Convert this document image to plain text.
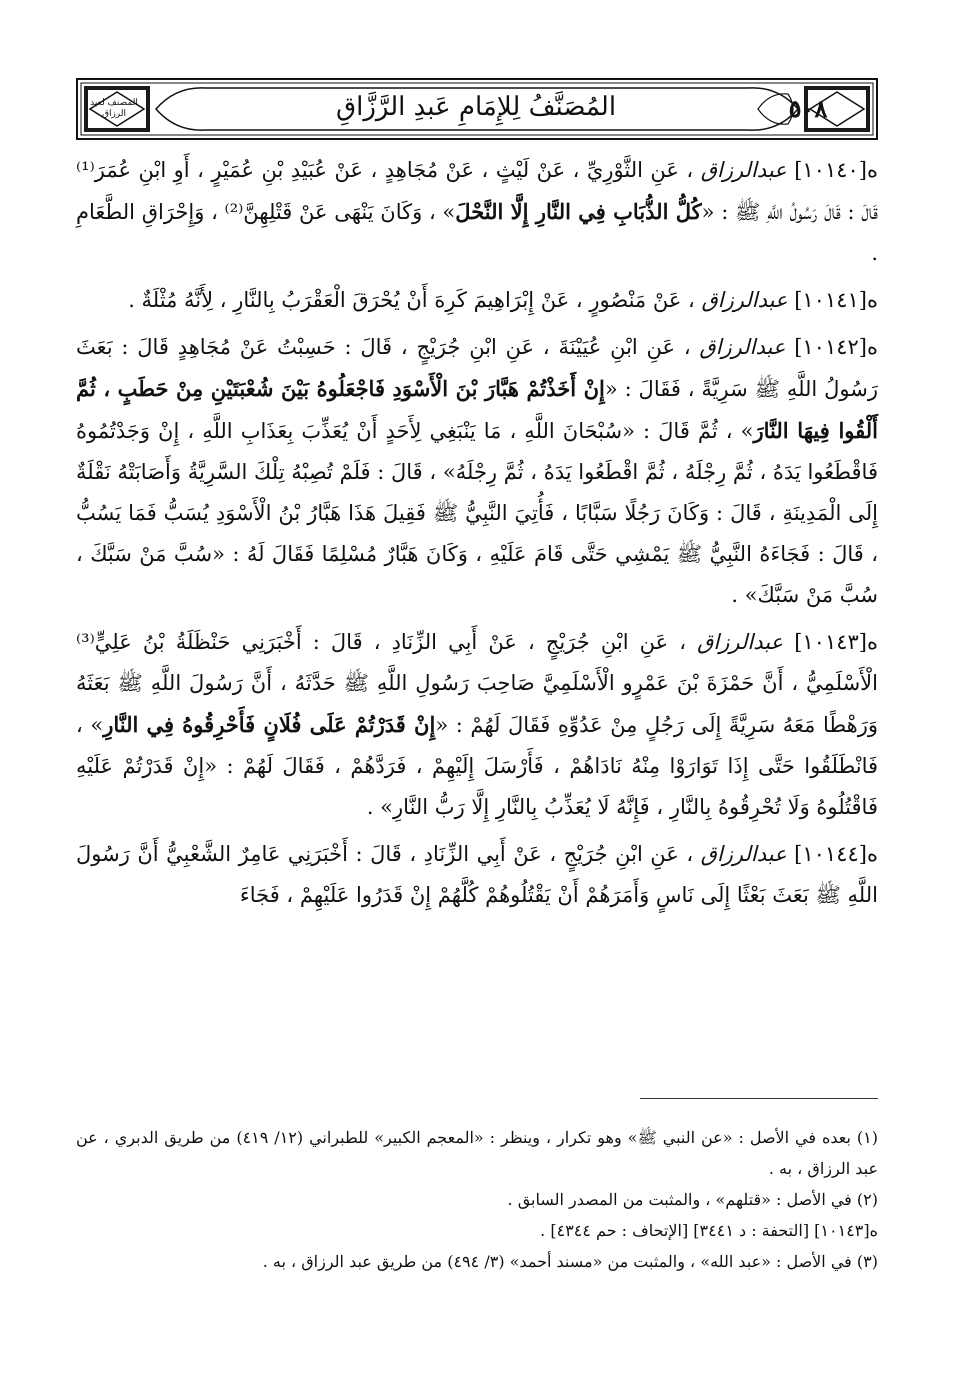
المصنف لعبد الرزاق	المُصَنَّفُ لِلإِمَامِ عَبدِ الرَّزَّاقِ	٥٠٨

ه[١٠١٤٠] عبدالرزاق ، عَنِ الثَّوْرِيِّ ، عَنْ لَيْثٍ ، عَنْ مُجَاهِدٍ ، عَنْ عُبَيْدِ بْنِ عُمَيْرٍ ، أَوِ ابْنِ عُمَرَ⁽¹⁾ قَالَ : قَالَ رَسُولُ اللَّهِ ﷺ : «كُلُّ الذُّبَابِ فِي النَّارِ إِلَّا النَّحْلَ» ، وَكَانَ يَنْهَى عَنْ قَتْلِهِنَّ⁽²⁾ ، وَإِحْرَاقِ الطَّعَامِ .

ه[١٠١٤١] عبدالرزاق ، عَنْ مَنْصُورٍ ، عَنْ إِبْرَاهِيمَ كَرِهَ أَنْ يُحْرَقَ الْعَقْرَبُ بِالنَّارِ ، لِأَنَّهُ مُثْلَةٌ .

ه[١٠١٤٢] عبدالرزاق ، عَنِ ابْنِ عُيَيْنَةَ ، عَنِ ابْنِ جُرَيْجٍ ، قَالَ : حَسِبْتُ عَنْ مُجَاهِدٍ قَالَ : بَعَثَ رَسُولُ اللَّهِ ﷺ سَرِيَّةً ، فَقَالَ : «إِنْ أَخَذْتُمْ هَبَّارَ بْنَ الْأَسْوَدِ فَاجْعَلُوهُ بَيْنَ شُعْبَتَيْنِ مِنْ حَطَبٍ ، ثُمَّ أَلْقُوا فِيهَا النَّارَ» ، ثُمَّ قَالَ : «سُبْحَانَ اللَّهِ ، مَا يَنْبَغِي لِأَحَدٍ أَنْ يُعَذِّبَ بِعَذَابِ اللَّهِ ، إِنْ وَجَدْتُمُوهُ فَاقْطَعُوا يَدَهُ ، ثُمَّ رِجْلَهُ ، ثُمَّ اقْطَعُوا يَدَهُ ، ثُمَّ رِجْلَهُ» ، قَالَ : فَلَمْ تُصِبْهُ تِلْكَ السَّرِيَّةُ وَأَصَابَتْهُ نَقْلَةٌ إِلَى الْمَدِينَةِ ، قَالَ : وَكَانَ رَجُلًا سَبَّابًا ، فَأُتِيَ النَّبِيُّ ﷺ فَقِيلَ هَذَا هَبَّارُ بْنُ الْأَسْوَدِ يُسَبُّ فَمَا يَسُبُّ ، قَالَ : فَجَاءَهُ النَّبِيُّ ﷺ يَمْشِي حَتَّى قَامَ عَلَيْهِ ، وَكَانَ هَبَّارٌ مُسْلِمًا فَقَالَ لَهُ : «سُبَّ مَنْ سَبَّكَ ، سُبَّ مَنْ سَبَّكَ» .

ه[١٠١٤٣] عبدالرزاق ، عَنِ ابْنِ جُرَيْجٍ ، عَنْ أَبِي الزِّنَادِ ، قَالَ : أَخْبَرَنِي حَنْظَلَةُ بْنُ عَلِيٍّ⁽³⁾ الْأَسْلَمِيُّ ، أَنَّ حَمْزَةَ بْنَ عَمْرٍو الْأَسْلَمِيَّ صَاحِبَ رَسُولِ اللَّهِ ﷺ حَدَّثَهُ ، أَنَّ رَسُولَ اللَّهِ ﷺ بَعَثَهُ وَرَهْطًا مَعَهُ سَرِيَّةً إِلَى رَجُلٍ مِنْ عَدُوِّهِ فَقَالَ لَهُمْ : «إِنْ قَدَرْتُمْ عَلَى فُلَانٍ فَأَحْرِقُوهُ فِي النَّارِ» ، فَانْطَلَقُوا حَتَّى إِذَا تَوَارَوْا مِنْهُ نَادَاهُمْ ، فَأَرْسَلَ إِلَيْهِمْ ، فَرَدَّهُمْ ، فَقَالَ لَهُمْ : «إِنْ قَدَرْتُمْ عَلَيْهِ فَاقْتُلُوهُ وَلَا تُحْرِقُوهُ بِالنَّارِ ، فَإِنَّهُ لَا يُعَذِّبُ بِالنَّارِ إِلَّا رَبُّ النَّارِ» .

ه[١٠١٤٤] عبدالرزاق ، عَنِ ابْنِ جُرَيْجٍ ، عَنْ أَبِي الزِّنَادِ ، قَالَ : أَخْبَرَنِي عَامِرٌ الشَّعْبِيُّ أَنَّ رَسُولَ اللَّهِ ﷺ بَعَثَ بَعْثًا إِلَى نَاسٍ وَأَمَرَهُمْ أَنْ يَقْتُلُوهُمْ كُلَّهُمْ إِنْ قَدَرُوا عَلَيْهِمْ ، فَجَاءَ

(١) بعده في الأصل : «عن النبي ﷺ» وهو تكرار ، وينظر : «المعجم الكبير» للطبراني (١٢/ ٤١٩) من طريق الدبري ، عن عبد الرزاق ، به .

(٢) في الأصل : «قتلهم» ، والمثبت من المصدر السابق .

ه[١٠١٤٣] [التحفة : د ٣٤٤١] [الإتحاف : حم ٤٣٤٤] .

(٣) في الأصل : «عبد الله» ، والمثبت من «مسند أحمد» (٣/ ٤٩٤) من طريق عبد الرزاق ، به .
